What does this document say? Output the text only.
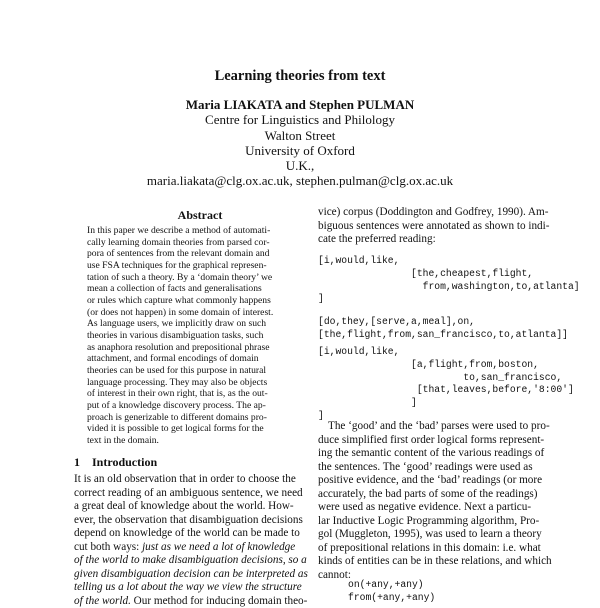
Learning theories from text
Maria LIAKATA and Stephen PULMAN
Centre for Linguistics and Philology
Walton Street
University of Oxford
U.K.,
maria.liakata@clg.ox.ac.uk, stephen.pulman@clg.ox.ac.uk
Abstract
In this paper we describe a method of automati-
cally learning domain theories from parsed cor-
pora of sentences from the relevant domain and
use FSA techniques for the graphical represen-
tation of such a theory. By a ‘domain theory’ we
mean a collection of facts and generalisations
or rules which capture what commonly happens
(or does not happen) in some domain of interest.
As language users, we implicitly draw on such
theories in various disambiguation tasks, such
as anaphora resolution and prepositional phrase
attachment, and formal encodings of domain
theories can be used for this purpose in natural
language processing. They may also be objects
of interest in their own right, that is, as the out-
put of a knowledge discovery process. The ap-
proach is generizable to different domains pro-
vided it is possible to get logical forms for the
text in the domain.
1 Introduction
It is an old observation that in order to choose the
correct reading of an ambiguous sentence, we need
a great deal of knowledge about the world. How-
ever, the observation that disambiguation decisions
depend on knowledge of the world can be made to
cut both ways: just as we need a lot of knowledge
of the world to make disambiguation decisions, so a
given disambiguation decision can be interpreted as
telling us a lot about the way we view the structure
of the world. Our method for inducing domain theo-
vice) corpus (Doddington and Godfrey, 1990). Am-
biguous sentences were annotated as shown to indi-
cate the preferred reading:
[i,would,like,
[the,cheapest,flight,
from,washington,to,atlanta]
]
[do,they,[serve,a,meal],on,
[the,flight,from,san_francisco,to,atlanta]]
[i,would,like,
[a,flight,from,boston,
to,san_francisco,
[that,leaves,before,'8:00']
]
]
The ‘good’ and the ‘bad’ parses were used to pro-
duce simplified first order logical forms represent-
ing the semantic content of the various readings of
the sentences. The ‘good’ readings were used as
positive evidence, and the ‘bad’ readings (or more
accurately, the bad parts of some of the readings)
were used as negative evidence. Next a particu-
lar Inductive Logic Programming algorithm, Pro-
gol (Muggleton, 1995), was used to learn a theory
of prepositional relations in this domain: i.e. what
kinds of entities can be in these relations, and which
cannot:
on(+any,+any)
from(+any,+any)
